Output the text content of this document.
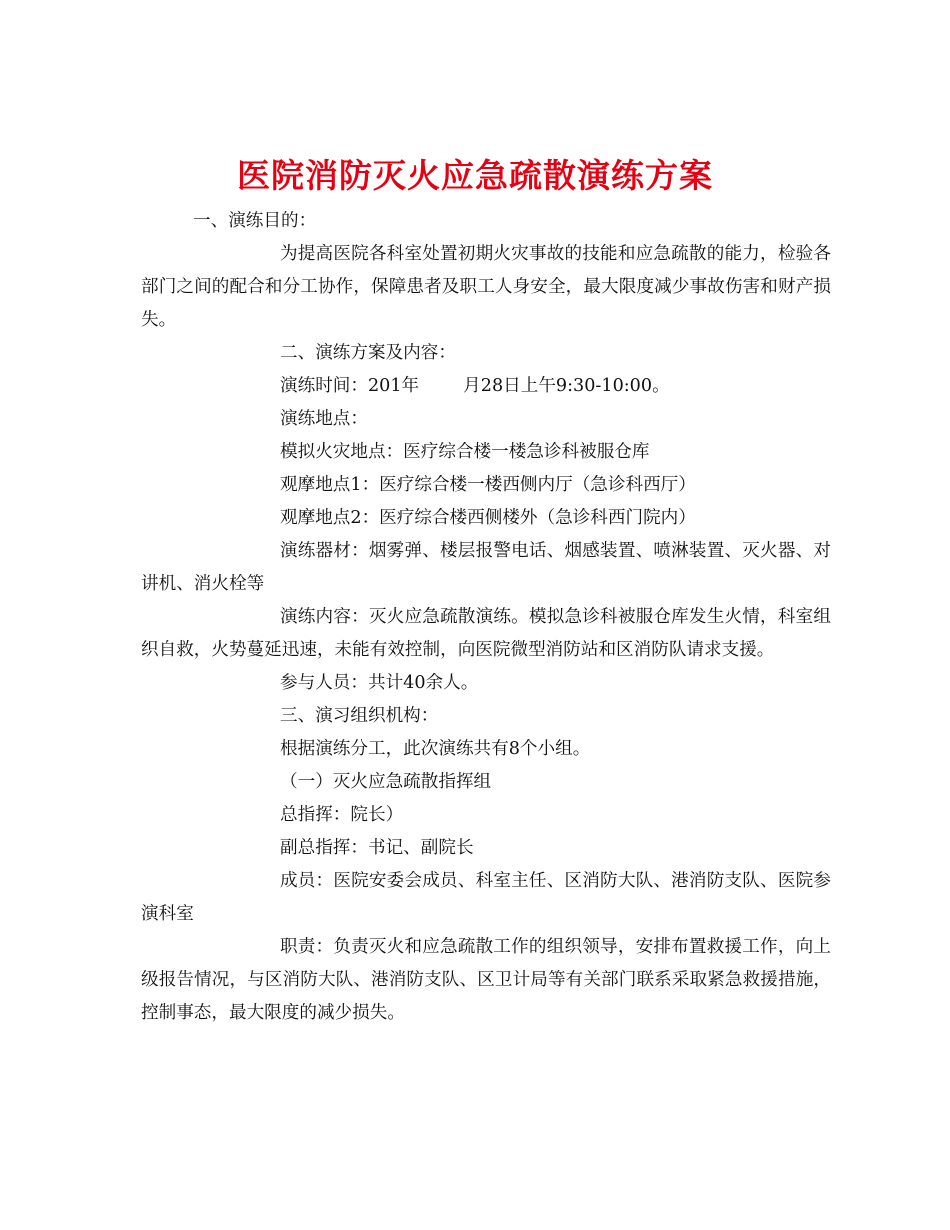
医院消防灭火应急疏散演练方案

一、演练目的：

为提高医院各科室处置初期火灾事故的技能和应急疏散的能力，检验各部门之间的配合和分工协作，保障患者及职工人身安全，最大限度减少事故伤害和财产损失。

二、演练方案及内容：

演练时间：201年	月28日上午9:30-10:00。

演练地点：

模拟火灾地点：医疗综合楼一楼急诊科被服仓库

观摩地点1：医疗综合楼一楼西侧内厅（急诊科西厅）

观摩地点2：医疗综合楼西侧楼外（急诊科西门院内）

演练器材：烟雾弹、楼层报警电话、烟感装置、喷淋装置、灭火器、对讲机、消火栓等

演练内容：灭火应急疏散演练。模拟急诊科被服仓库发生火情，科室组织自救，火势蔓延迅速，未能有效控制，向医院微型消防站和区消防队请求支援。

参与人员：共计40余人。

三、演习组织机构：

根据演练分工，此次演练共有8个小组。

（一）灭火应急疏散指挥组

总指挥：院长）

副总指挥：书记、副院长

成员：医院安委会成员、科室主任、区消防大队、港消防支队、医院参演科室

职责：负责灭火和应急疏散工作的组织领导，安排布置救援工作，向上级报告情况，与区消防大队、港消防支队、区卫计局等有关部门联系采取紧急救援措施，控制事态，最大限度的减少损失。
